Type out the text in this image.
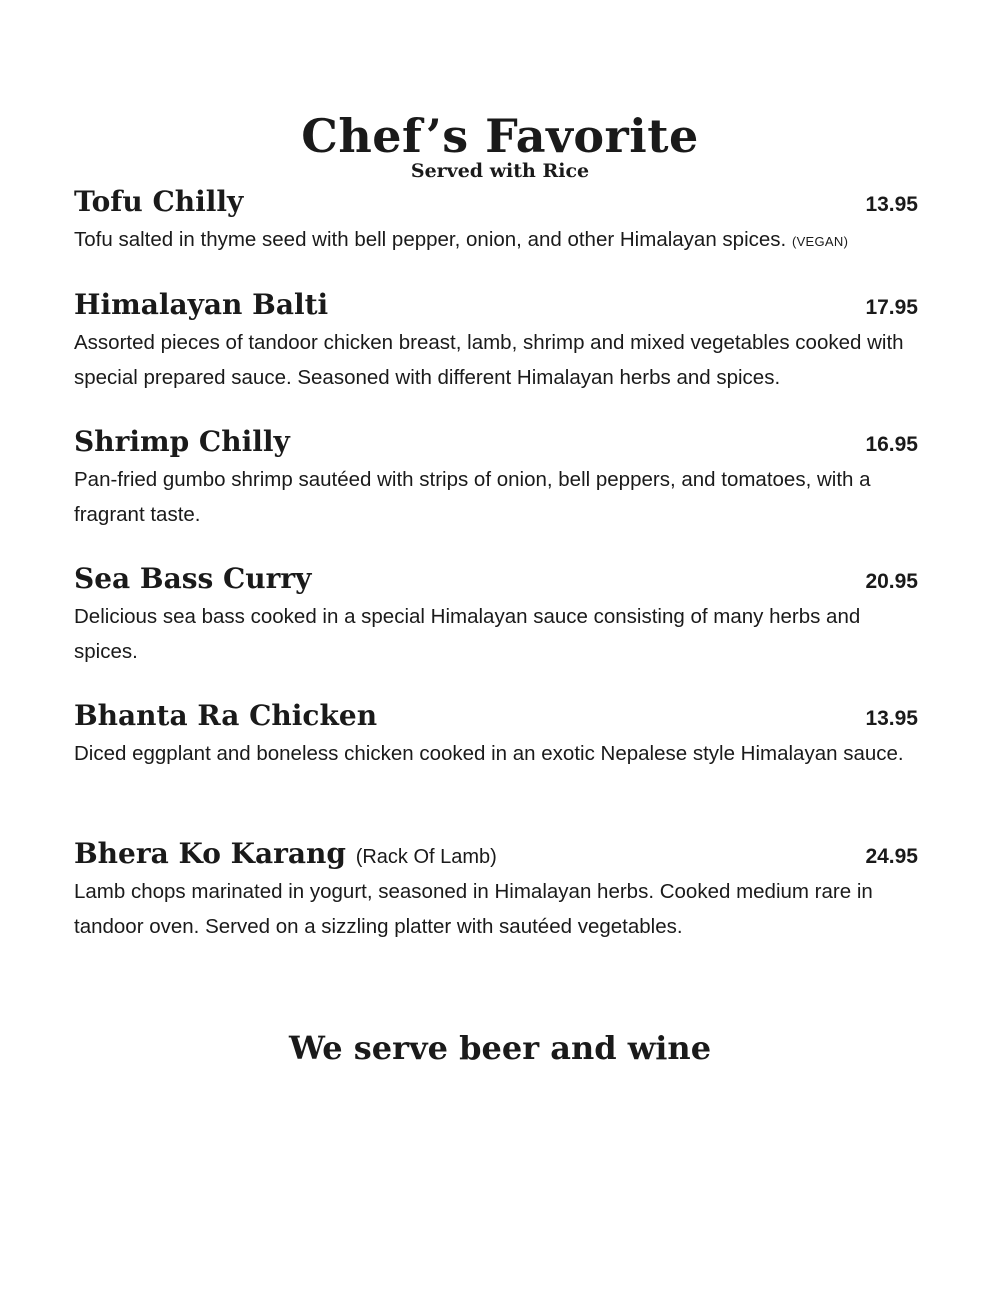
Chef’s Favorite
Served with Rice
Tofu Chilly	13.95
Tofu salted in thyme seed with bell pepper, onion, and other Himalayan spices. (VEGAN)
Himalayan Balti	17.95
Assorted pieces of tandoor chicken breast, lamb, shrimp and mixed vegetables cooked with special prepared sauce. Seasoned with different Himalayan herbs and spices.
Shrimp Chilly	16.95
Pan-fried gumbo shrimp sautéed with strips of onion, bell peppers, and tomatoes, with a fragrant taste.
Sea Bass Curry	20.95
Delicious sea bass cooked in a special Himalayan sauce consisting of many herbs and spices.
Bhanta Ra Chicken	13.95
Diced eggplant and boneless chicken cooked in an exotic Nepalese style Himalayan sauce.
Bhera Ko Karang (Rack Of Lamb)	24.95
Lamb chops marinated in yogurt, seasoned in Himalayan herbs. Cooked medium rare in tandoor oven. Served on a sizzling platter with sautéed vegetables.
We serve beer and wine
